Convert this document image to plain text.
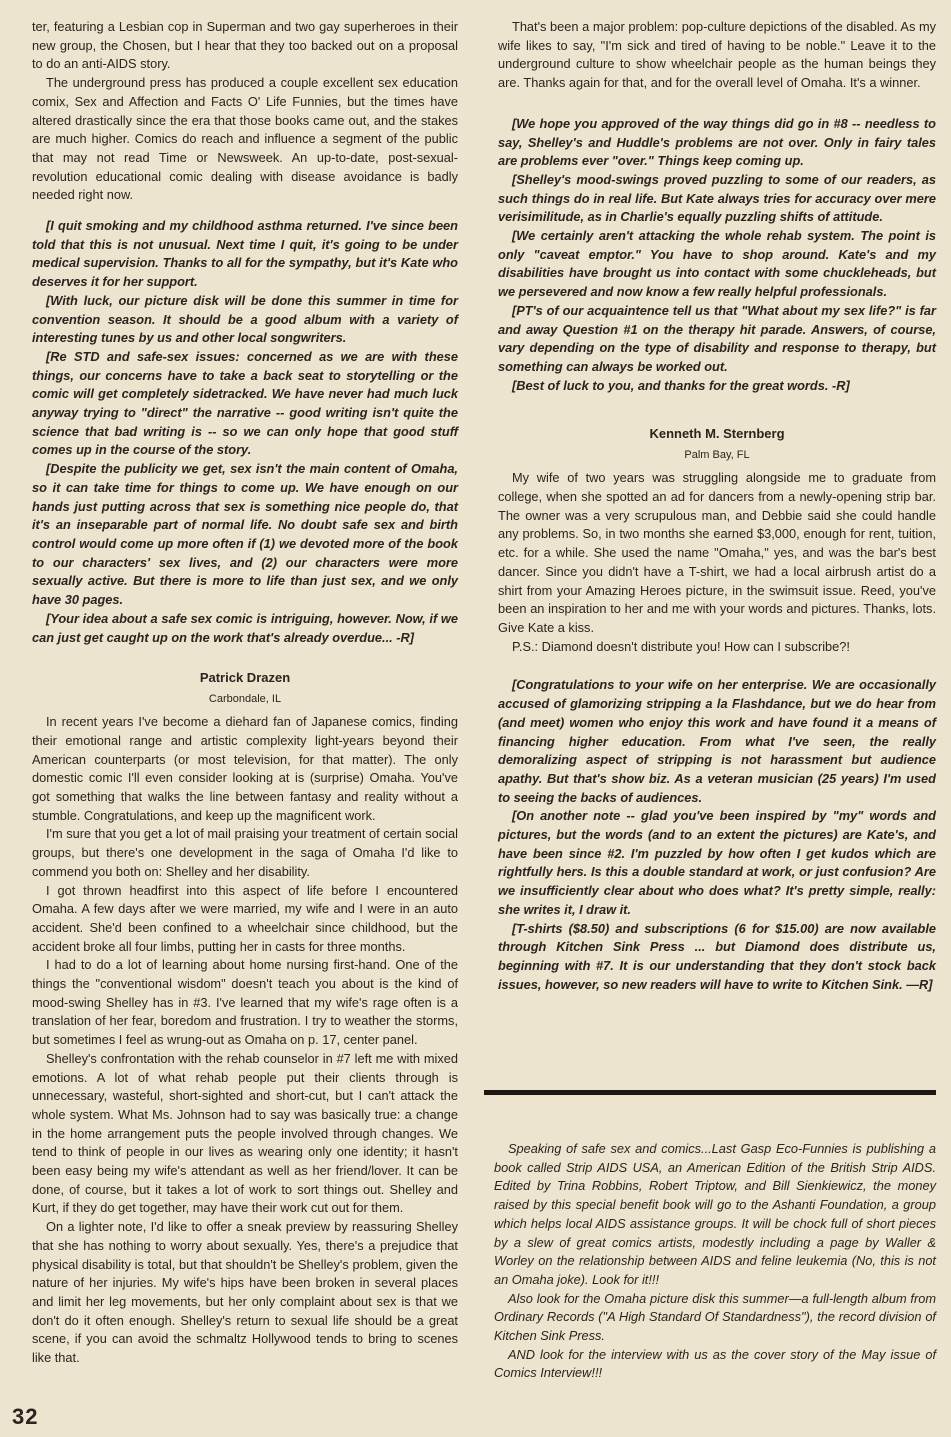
ter, featuring a Lesbian cop in Superman and two gay superheroes in their new group, the Chosen, but I hear that they too backed out on a proposal to do an anti-AIDS story.

The underground press has produced a couple excellent sex education comix, Sex and Affection and Facts O' Life Funnies, but the times have altered drastically since the era that those books came out, and the stakes are much higher. Comics do reach and influence a segment of the public that may not read Time or Newsweek. An up-to-date, post-sexual-revolution educational comic dealing with disease avoidance is badly needed right now.

[I quit smoking and my childhood asthma returned. I've since been told that this is not unusual. Next time I quit, it's going to be under medical supervision. Thanks to all for the sympathy, but it's Kate who deserves it for her support.

[With luck, our picture disk will be done this summer in time for convention season. It should be a good album with a variety of interesting tunes by us and other local songwriters.

[Re STD and safe-sex issues: concerned as we are with these things, our concerns have to take a back seat to storytelling or the comic will get completely sidetracked. We have never had much luck anyway trying to "direct" the narrative -- good writing isn't quite the science that bad writing is -- so we can only hope that good stuff comes up in the course of the story.

[Despite the publicity we get, sex isn't the main content of Omaha, so it can take time for things to come up. We have enough on our hands just putting across that sex is something nice people do, that it's an inseparable part of normal life. No doubt safe sex and birth control would come up more often if (1) we devoted more of the book to our characters' sex lives, and (2) our characters were more sexually active. But there is more to life than just sex, and we only have 30 pages.

[Your idea about a safe sex comic is intriguing, however. Now, if we can just get caught up on the work that's already overdue... -R]

Patrick Drazen
Carbondale, IL

In recent years I've become a diehard fan of Japanese comics, finding their emotional range and artistic complexity light-years beyond their American counterparts (or most television, for that matter). The only domestic comic I'll even consider looking at is (surprise) Omaha. You've got something that walks the line between fantasy and reality without a stumble. Congratulations, and keep up the magnificent work.

I'm sure that you get a lot of mail praising your treatment of certain social groups, but there's one development in the saga of Omaha I'd like to commend you both on: Shelley and her disability.

I got thrown headfirst into this aspect of life before I encountered Omaha. A few days after we were married, my wife and I were in an auto accident. She'd been confined to a wheelchair since childhood, but the accident broke all four limbs, putting her in casts for three months.

I had to do a lot of learning about home nursing first-hand. One of the things the "conventional wisdom" doesn't teach you about is the kind of mood-swing Shelley has in #3. I've learned that my wife's rage often is a translation of her fear, boredom and frustration. I try to weather the storms, but sometimes I feel as wrung-out as Omaha on p. 17, center panel.

Shelley's confrontation with the rehab counselor in #7 left me with mixed emotions. A lot of what rehab people put their clients through is unnecessary, wasteful, short-sighted and short-cut, but I can't attack the whole system. What Ms. Johnson had to say was basically true: a change in the home arrangement puts the people involved through changes. We tend to think of people in our lives as wearing only one identity; it hasn't been easy being my wife's attendant as well as her friend/lover. It can be done, of course, but it takes a lot of work to sort things out. Shelley and Kurt, if they do get together, may have their work cut out for them.

On a lighter note, I'd like to offer a sneak preview by reassuring Shelley that she has nothing to worry about sexually. Yes, there's a prejudice that physical disability is total, but that shouldn't be Shelley's problem, given the nature of her injuries. My wife's hips have been broken in several places and limit her leg movements, but her only complaint about sex is that we don't do it often enough. Shelley's return to sexual life should be a great scene, if you can avoid the schmaltz Hollywood tends to bring to scenes like that.

That's been a major problem: pop-culture depictions of the disabled. As my wife likes to say, "I'm sick and tired of having to be noble." Leave it to the underground culture to show wheelchair people as the human beings they are. Thanks again for that, and for the overall level of Omaha. It's a winner.

[We hope you approved of the way things did go in #8 -- needless to say, Shelley's and Huddle's problems are not over. Only in fairy tales are problems ever "over." Things keep coming up.

[Shelley's mood-swings proved puzzling to some of our readers, as such things do in real life. But Kate always tries for accuracy over mere verisimilitude, as in Charlie's equally puzzling shifts of attitude.

[We certainly aren't attacking the whole rehab system. The point is only "caveat emptor." You have to shop around. Kate's and my disabilities have brought us into contact with some chuckleheads, but we persevered and now know a few really helpful professionals.

[PT's of our acquaintence tell us that "What about my sex life?" is far and away Question #1 on the therapy hit parade. Answers, of course, vary depending on the type of disability and response to therapy, but something can always be worked out.

[Best of luck to you, and thanks for the great words. -R]

Kenneth M. Sternberg
Palm Bay, FL

My wife of two years was struggling alongside me to graduate from college, when she spotted an ad for dancers from a newly-opening strip bar. The owner was a very scrupulous man, and Debbie said she could handle any problems. So, in two months she earned $3,000, enough for rent, tuition, etc. for a while. She used the name "Omaha," yes, and was the bar's best dancer. Since you didn't have a T-shirt, we had a local airbrush artist do a shirt from your Amazing Heroes picture, in the swimsuit issue. Reed, you've been an inspiration to her and me with your words and pictures. Thanks, lots. Give Kate a kiss.

P.S.: Diamond doesn't distribute you! How can I subscribe?!

[Congratulations to your wife on her enterprise. We are occasionally accused of glamorizing stripping a la Flashdance, but we do hear from (and meet) women who enjoy this work and have found it a means of financing higher education. From what I've seen, the really demoralizing aspect of stripping is not harassment but audience apathy. But that's show biz. As a veteran musician (25 years) I'm used to seeing the backs of audiences.

[On another note -- glad you've been inspired by "my" words and pictures, but the words (and to an extent the pictures) are Kate's, and have been since #2. I'm puzzled by how often I get kudos which are rightfully hers. Is this a double standard at work, or just confusion? Are we insufficiently clear about who does what? It's pretty simple, really: she writes it, I draw it.

[T-shirts ($8.50) and subscriptions (6 for $15.00) are now available through Kitchen Sink Press ... but Diamond does distribute us, beginning with #7. It is our understanding that they don't stock back issues, however, so new readers will have to write to Kitchen Sink. —R]

Speaking of safe sex and comics...Last Gasp Eco-Funnies is publishing a book called Strip AIDS USA, an American Edition of the British Strip AIDS. Edited by Trina Robbins, Robert Triptow, and Bill Sienkiewicz, the money raised by this special benefit book will go to the Ashanti Foundation, a group which helps local AIDS assistance groups. It will be chock full of short pieces by a slew of great comics artists, modestly including a page by Waller & Worley on the relationship between AIDS and feline leukemia (No, this is not an Omaha joke). Look for it!!!

Also look for the Omaha picture disk this summer—a full-length album from Ordinary Records ("A High Standard Of Standardness"), the record division of Kitchen Sink Press.

AND look for the interview with us as the cover story of the May issue of Comics Interview!!!

32
